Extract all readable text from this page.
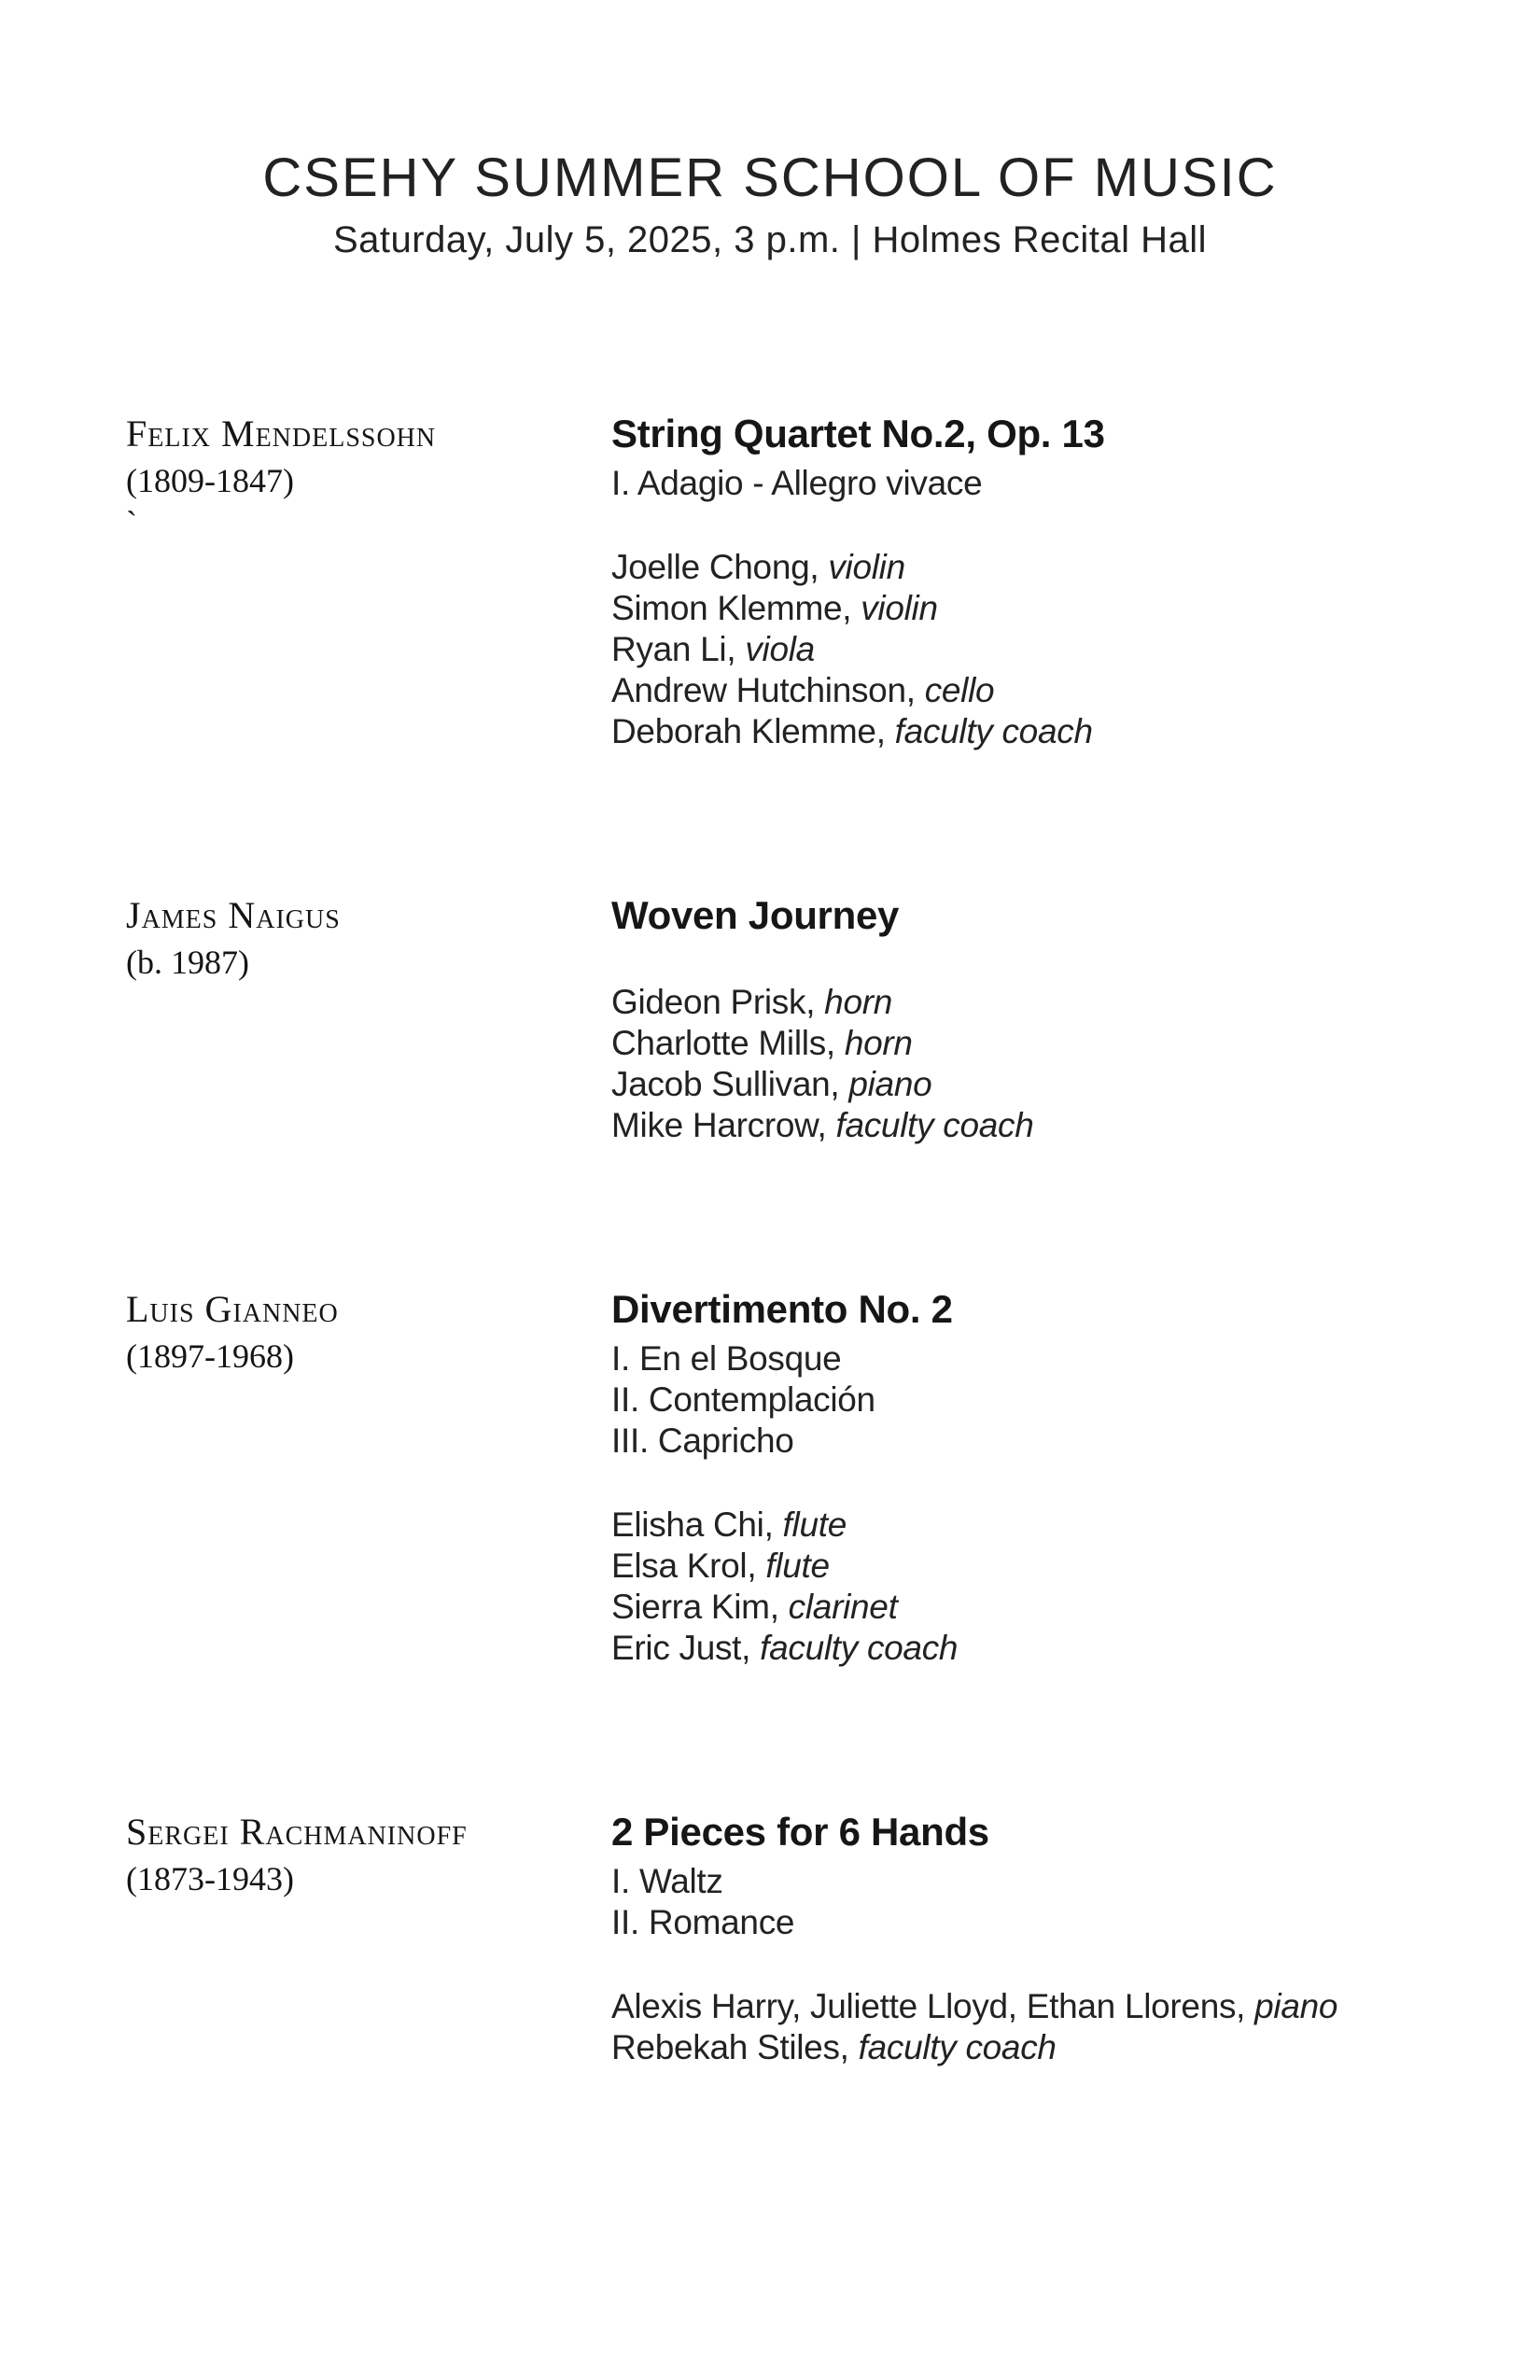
CSEHY SUMMER SCHOOL OF MUSIC
Saturday, July 5, 2025, 3 p.m. | Holmes Recital Hall
Felix Mendelssohn
(1809-1847)
`
String Quartet No.2, Op. 13
I. Adagio - Allegro vivace
Joelle Chong, violin
Simon Klemme, violin
Ryan Li, viola
Andrew Hutchinson, cello
Deborah Klemme, faculty coach
James Naigus
(b. 1987)
Woven Journey
Gideon Prisk, horn
Charlotte Mills, horn
Jacob Sullivan, piano
Mike Harcrow, faculty coach
Luis Gianneo
(1897-1968)
Divertimento No. 2
I. En el Bosque
II. Contemplación
III. Capricho
Elisha Chi, flute
Elsa Krol, flute
Sierra Kim, clarinet
Eric Just, faculty coach
Sergei Rachmaninoff
(1873-1943)
2 Pieces for 6 Hands
I. Waltz
II. Romance
Alexis Harry, Juliette Lloyd, Ethan Llorens, piano
Rebekah Stiles, faculty coach
